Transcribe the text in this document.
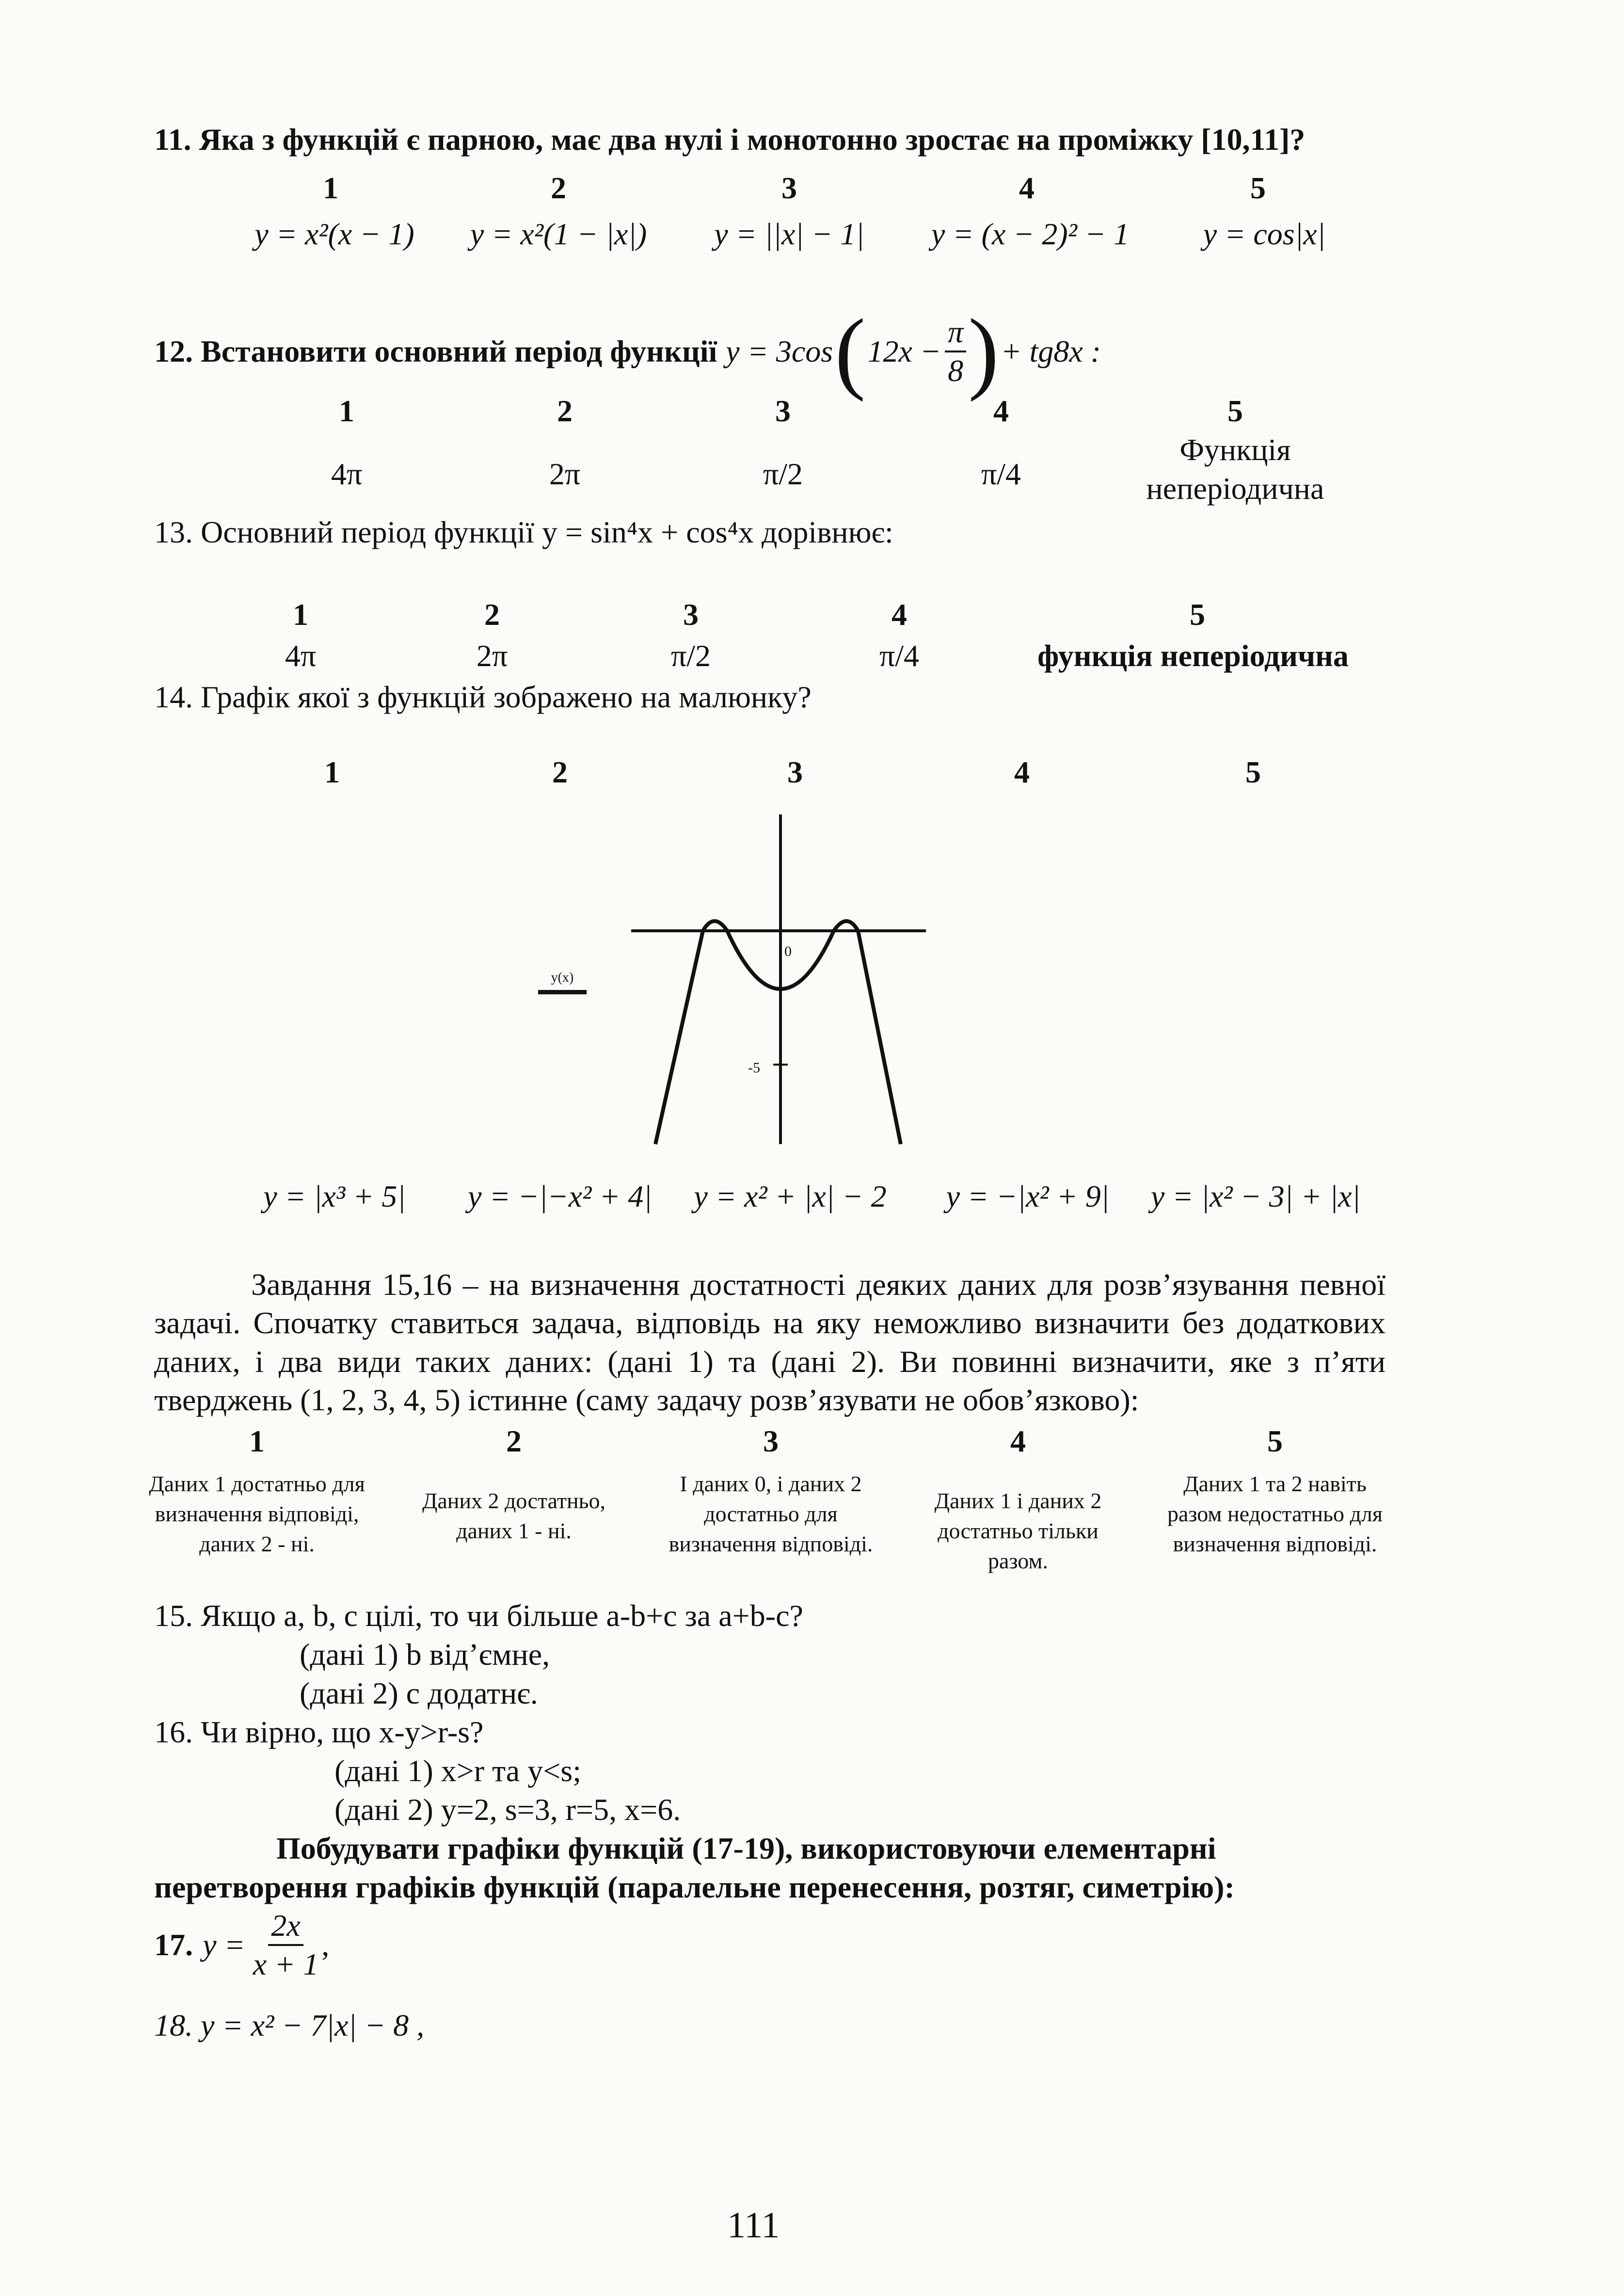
11. Яка з функцій є парною, має два нулі і монотонно зростає на проміжку [10,11]?
1	2	3	4	5
y = x²(x − 1)	y = x²(1 − |x|)	y = ||x| − 1|	y = (x − 2)² − 1	y = cos|x|
12. Встановити основний період функції y = 3cos ( $12x - \frac{\pi}{8}$ ) + tg8x :
1	2	3	4	5
4π	2π	π/2	π/4
Функція
неперіодична
13. Основний період функції y = sin⁴x + cos⁴x дорівнює:
1	2	3	4	5
4π	2π	π/2	π/4	функція неперіодична
14. Графік якої з функцій зображено на малюнку?
1	2	3	4	5
y(x)
0
-5
y = |x³ + 5|	y = −|−x² + 4|	y = x² + |x| − 2	y = −|x² + 9|	y = |x² − 3| + |x|
Завдання 15,16 – на визначення достатності деяких даних для розв’язування певної задачі. Спочатку ставиться задача, відповідь на яку неможливо визначити без додаткових даних, і два види таких даних: (дані 1) та (дані 2). Ви повинні визначити, яке з п’яти тверджень (1, 2, 3, 4, 5) істинне (саму задачу розв’язувати не обов’язково):
1	2	3	4	5
Даних 1 достатньо для визначення відповіді, даних 2 - ні.
Даних 2 достатньо, даних 1 - ні.
І даних 0, і даних 2 достатньо для визначення відповіді.
Даних 1 і даних 2 достатньо тільки разом.
Даних 1 та 2 навіть разом недостатньо для визначення відповіді.
15. Якщо a, b, c цілі, то чи більше a-b+c за a+b-c?
(дані 1) b від’ємне,
(дані 2) c додатнє.
16. Чи вірно, що x-y>r-s?
(дані 1) x>r та y<s;
(дані 2) y=2, s=3, r=5, x=6.
Побудувати графіки функцій (17-19), використовуючи елементарні
перетворення графіків функцій (паралельне перенесення, розтяг, симетрію):
17. $y = \frac{2x}{x + 1}$ ,
18. y = x² − 7|x| − 8 ,
111
